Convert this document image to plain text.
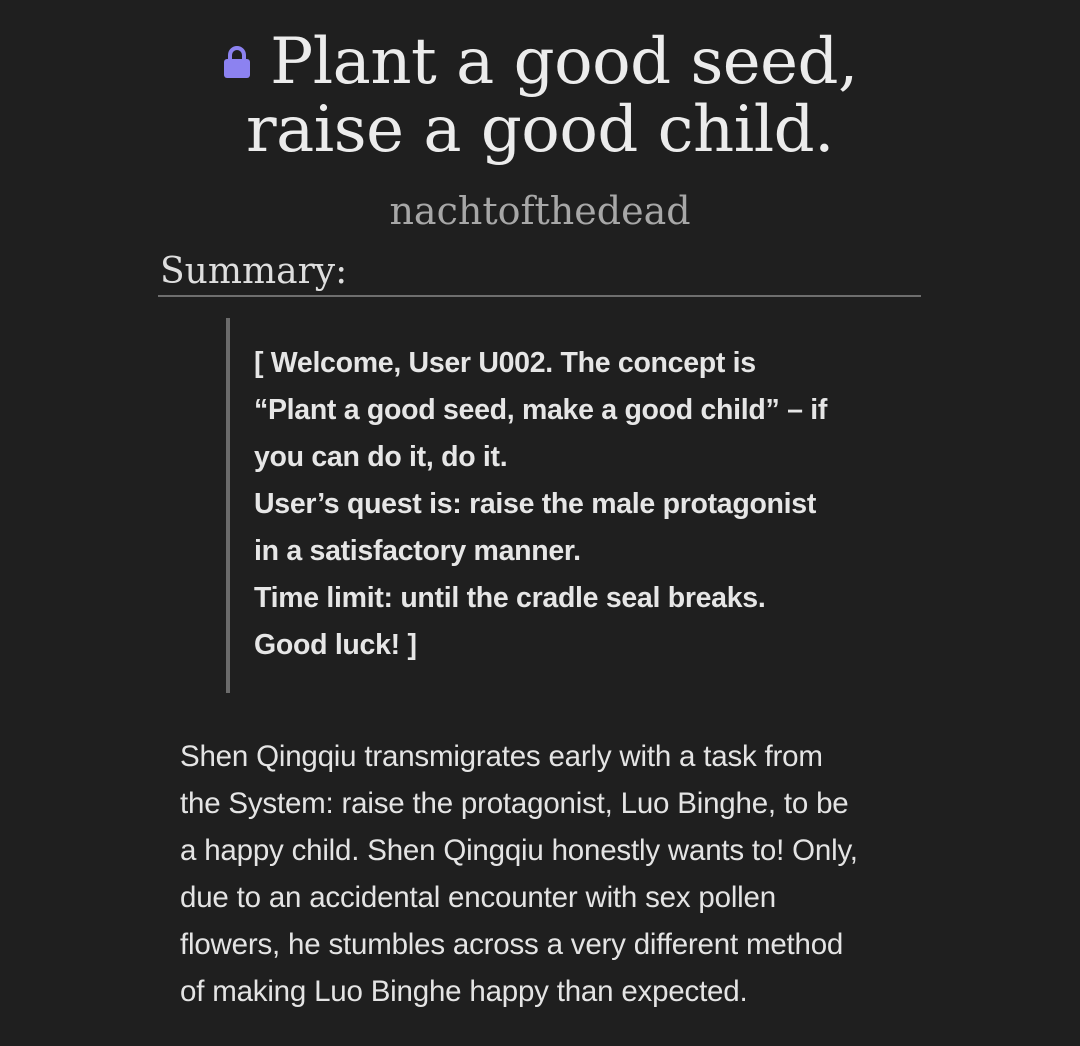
Plant a good seed,
raise a good child.
nachtofthedead
Summary:

[ Welcome, User U002. The concept is

“Plant a good seed, make a good child” – if

you can do it, do it.

User’s quest is: raise the male protagonist

in a satisfactory manner.

Time limit: until the cradle seal breaks.

Good luck! ]

Shen Qingqiu transmigrates early with a task from

the System: raise the protagonist, Luo Binghe, to be

a happy child. Shen Qingqiu honestly wants to! Only,

due to an accidental encounter with sex pollen

flowers, he stumbles across a very different method

of making Luo Binghe happy than expected.
